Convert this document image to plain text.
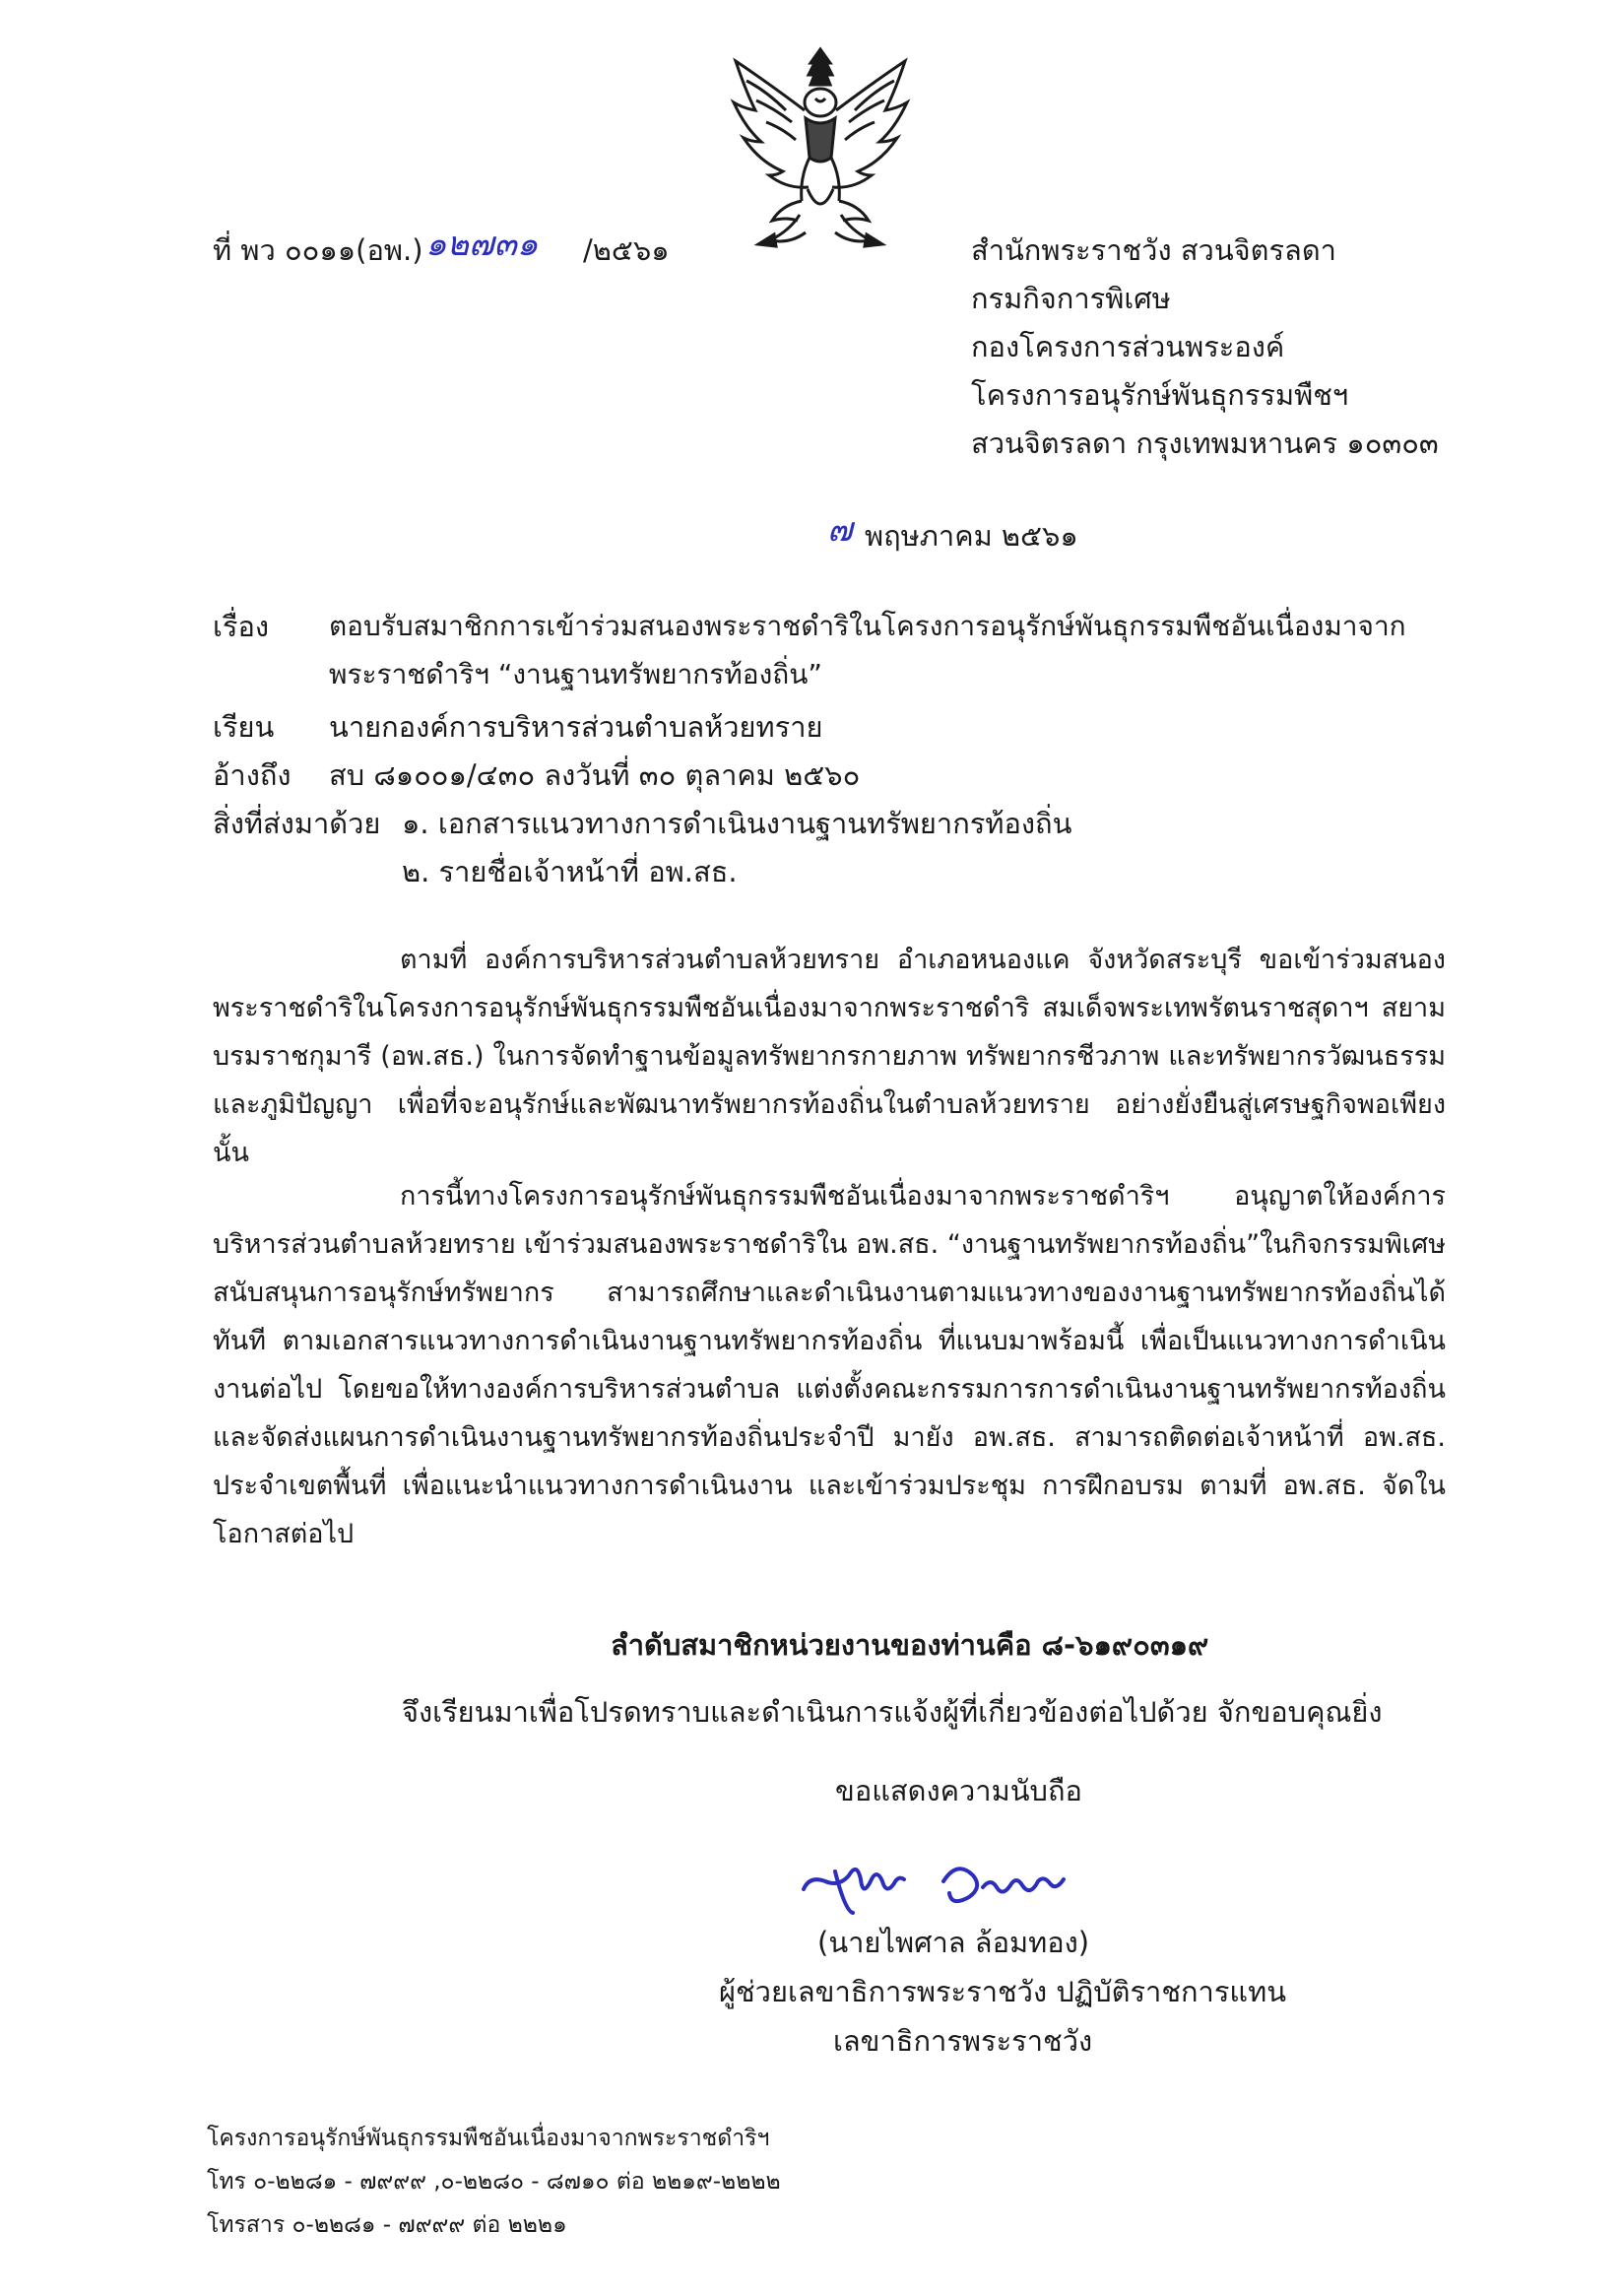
ที่ พว ๐๐๑๑(อพ.) ๑๒๗๓๑ /๒๕๖๑	สำนักพระราชวัง สวนจิตรลดา
กรมกิจการพิเศษ
กองโครงการส่วนพระองค์
โครงการอนุรักษ์พันธุกรรมพืชฯ
สวนจิตรลดา กรุงเทพมหานคร ๑๐๓๐๓
๗ พฤษภาคม ๒๕๖๑
เรื่อง ตอบรับสมาชิกการเข้าร่วมสนองพระราชดำริในโครงการอนุรักษ์พันธุกรรมพืชอันเนื่องมาจาก
พระราชดำริฯ “งานฐานทรัพยากรท้องถิ่น”
เรียน นายกองค์การบริหารส่วนตำบลห้วยทราย
อ้างถึง สบ ๘๑๐๐๑/๔๓๐ ลงวันที่ ๓๐ ตุลาคม ๒๕๖๐
สิ่งที่ส่งมาด้วย ๑. เอกสารแนวทางการดำเนินงานฐานทรัพยากรท้องถิ่น
๒. รายชื่อเจ้าหน้าที่ อพ.สธ.
ตามที่ องค์การบริหารส่วนตำบลห้วยทราย อำเภอหนองแค จังหวัดสระบุรี ขอเข้าร่วมสนองพระราชดำริในโครงการอนุรักษ์พันธุกรรมพืชอันเนื่องมาจากพระราชดำริ สมเด็จพระเทพรัตนราชสุดาฯ สยามบรมราชกุมารี (อพ.สธ.) ในการจัดทำฐานข้อมูลทรัพยากรกายภาพ ทรัพยากรชีวภาพ และทรัพยากรวัฒนธรรมและภูมิปัญญา เพื่อที่จะอนุรักษ์และพัฒนาทรัพยากรท้องถิ่นในตำบลห้วยทราย อย่างยั่งยืนสู่เศรษฐกิจพอเพียง นั้น
การนี้ทางโครงการอนุรักษ์พันธุกรรมพืชอันเนื่องมาจากพระราชดำริฯ อนุญาตให้องค์การบริหารส่วนตำบลห้วยทราย เข้าร่วมสนองพระราชดำริใน อพ.สธ. “งานฐานทรัพยากรท้องถิ่น”ในกิจกรรมพิเศษสนับสนุนการอนุรักษ์ทรัพยากร สามารถศึกษาและดำเนินงานตามแนวทางของงานฐานทรัพยากรท้องถิ่นได้ทันที ตามเอกสารแนวทางการดำเนินงานฐานทรัพยากรท้องถิ่น ที่แนบมาพร้อมนี้ เพื่อเป็นแนวทางการดำเนินงานต่อไป โดยขอให้ทางองค์การบริหารส่วนตำบล แต่งตั้งคณะกรรมการการดำเนินงานฐานทรัพยากรท้องถิ่นและจัดส่งแผนการดำเนินงานฐานทรัพยากรท้องถิ่นประจำปี มายัง อพ.สธ. สามารถติดต่อเจ้าหน้าที่ อพ.สธ. ประจำเขตพื้นที่ เพื่อแนะนำแนวทางการดำเนินงาน และเข้าร่วมประชุม การฝึกอบรม ตามที่ อพ.สธ. จัดในโอกาสต่อไป
ลำดับสมาชิกหน่วยงานของท่านคือ ๘-๖๑๙๐๓๑๙
จึงเรียนมาเพื่อโปรดทราบและดำเนินการแจ้งผู้ที่เกี่ยวข้องต่อไปด้วย จักขอบคุณยิ่ง
ขอแสดงความนับถือ
(นายไพศาล ล้อมทอง)
ผู้ช่วยเลขาธิการพระราชวัง ปฏิบัติราชการแทน
เลขาธิการพระราชวัง
โครงการอนุรักษ์พันธุกรรมพืชอันเนื่องมาจากพระราชดำริฯ
โทร ๐-๒๒๘๑ - ๗๙๙๙ ,๐-๒๒๘๐ - ๘๗๑๐ ต่อ ๒๒๑๙-๒๒๒๒
โทรสาร ๐-๒๒๘๑ - ๗๙๙๙ ต่อ ๒๒๒๑
